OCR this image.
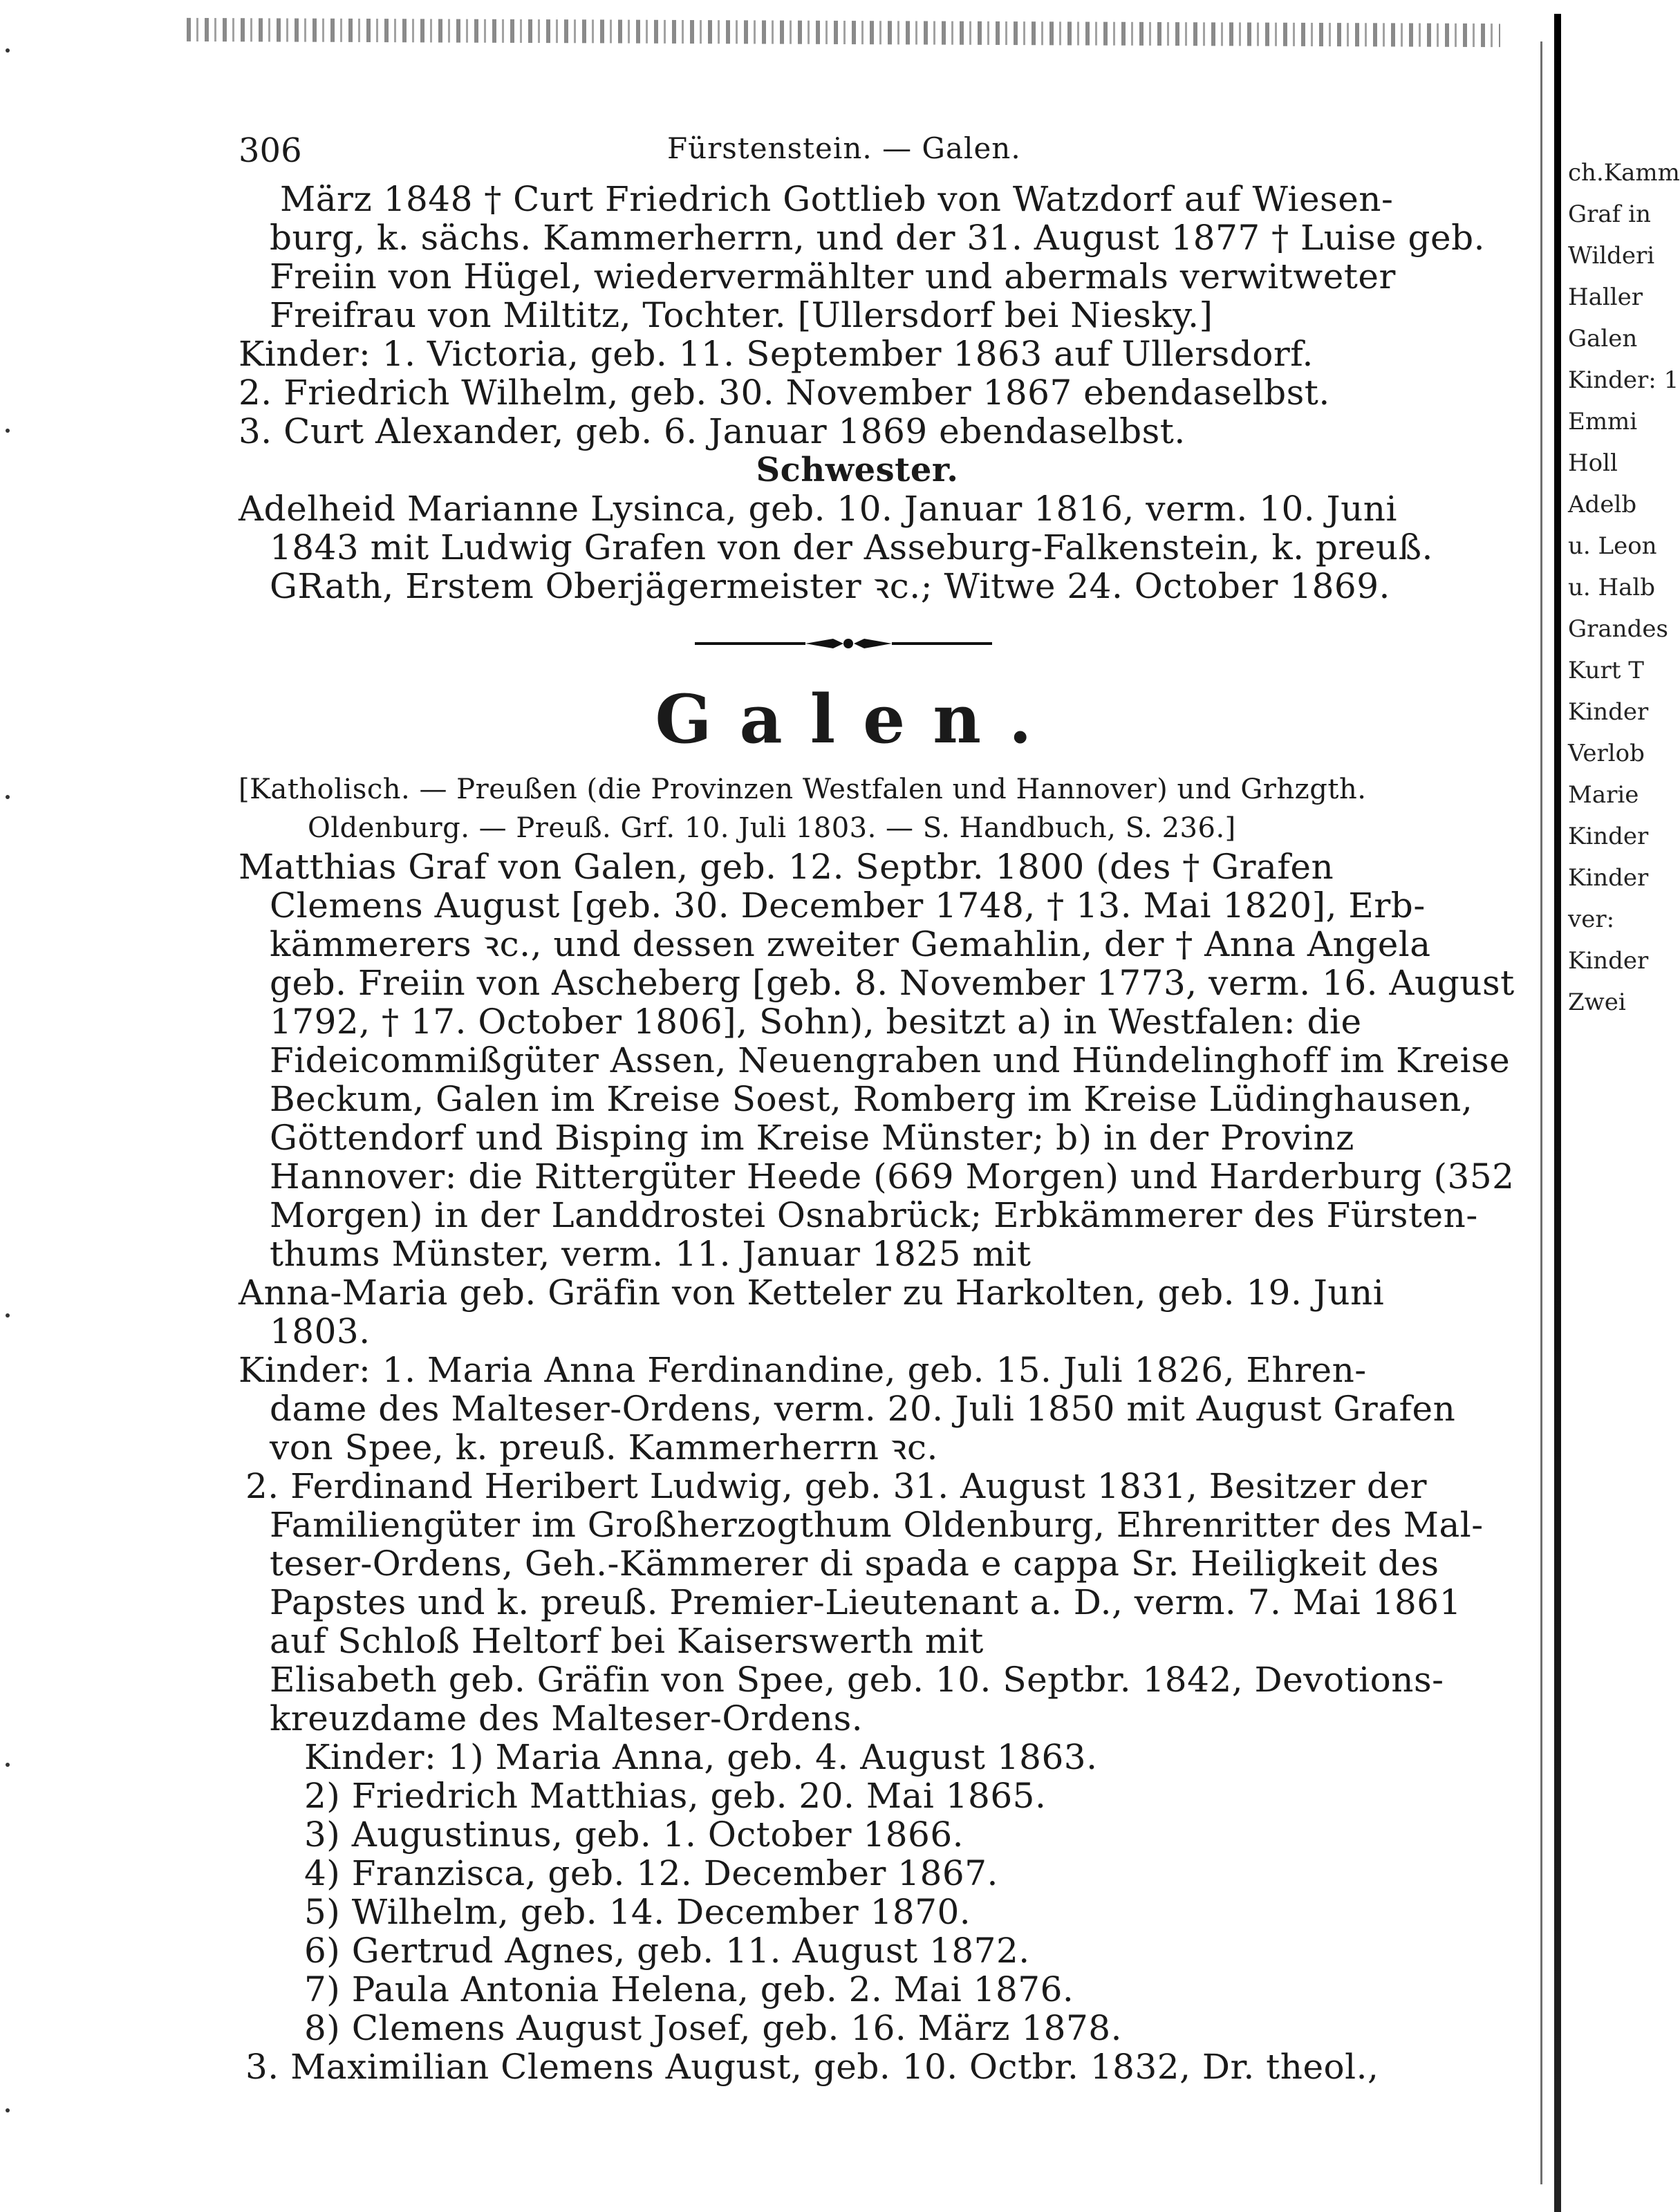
ch.Kamm
Graf in
Wilderi
Haller
Galen
Kinder: 1
Emmi
Holl
Adelb
u. Leon
u. Halb
Grandes
Kurt T
Kinder
Verlob
Marie
Kinder
Kinder
ver:
Kinder
Zwei
306	Fürstenstein. — Galen.
März 1848 † Curt Friedrich Gottlieb von Watzdorf auf Wiesen-
burg, k. sächs. Kammerherrn, und der 31. August 1877 † Luise geb.
Freiin von Hügel, wiedervermählter und abermals verwitweter
Freifrau von Miltitz, Tochter. [Ullersdorf bei Niesky.]
Kinder: 1. Victoria, geb. 11. September 1863 auf Ullersdorf.
2. Friedrich Wilhelm, geb. 30. November 1867 ebendaselbst.
3. Curt Alexander, geb. 6. Januar 1869 ebendaselbst.
Schwester.
Adelheid Marianne Lysinca, geb. 10. Januar 1816, verm. 10. Juni
1843 mit Ludwig Grafen von der Asseburg-Falkenstein, k. preuß.
GRath, Erstem Oberjägermeister ꝛc.; Witwe 24. October 1869.
Galen.
[Katholisch. — Preußen (die Provinzen Westfalen und Hannover) und Grhzgth.
Oldenburg. — Preuß. Grf. 10. Juli 1803. — S. Handbuch, S. 236.]
Matthias Graf von Galen, geb. 12. Septbr. 1800 (des † Grafen
Clemens August [geb. 30. December 1748, † 13. Mai 1820], Erb-
kämmerers ꝛc., und dessen zweiter Gemahlin, der † Anna Angela
geb. Freiin von Ascheberg [geb. 8. November 1773, verm. 16. August
1792, † 17. October 1806], Sohn), besitzt a) in Westfalen: die
Fideicommißgüter Assen, Neuengraben und Hündelinghoff im Kreise
Beckum, Galen im Kreise Soest, Romberg im Kreise Lüdinghausen,
Göttendorf und Bisping im Kreise Münster; b) in der Provinz
Hannover: die Rittergüter Heede (669 Morgen) und Harderburg (352
Morgen) in der Landdrostei Osnabrück; Erbkämmerer des Fürsten-
thums Münster, verm. 11. Januar 1825 mit
Anna-Maria geb. Gräfin von Ketteler zu Harkolten, geb. 19. Juni
1803.
Kinder: 1. Maria Anna Ferdinandine, geb. 15. Juli 1826, Ehren-
dame des Malteser-Ordens, verm. 20. Juli 1850 mit August Grafen
von Spee, k. preuß. Kammerherrn ꝛc.
2. Ferdinand Heribert Ludwig, geb. 31. August 1831, Besitzer der
Familiengüter im Großherzogthum Oldenburg, Ehrenritter des Mal-
teser-Ordens, Geh.-Kämmerer di spada e cappa Sr. Heiligkeit des
Papstes und k. preuß. Premier-Lieutenant a. D., verm. 7. Mai 1861
auf Schloß Heltorf bei Kaiserswerth mit
Elisabeth geb. Gräfin von Spee, geb. 10. Septbr. 1842, Devotions-
kreuzdame des Malteser-Ordens.
Kinder: 1) Maria Anna, geb. 4. August 1863.
2) Friedrich Matthias, geb. 20. Mai 1865.
3) Augustinus, geb. 1. October 1866.
4) Franzisca, geb. 12. December 1867.
5) Wilhelm, geb. 14. December 1870.
6) Gertrud Agnes, geb. 11. August 1872.
7) Paula Antonia Helena, geb. 2. Mai 1876.
8) Clemens August Josef, geb. 16. März 1878.
3. Maximilian Clemens August, geb. 10. Octbr. 1832, Dr. theol.,
